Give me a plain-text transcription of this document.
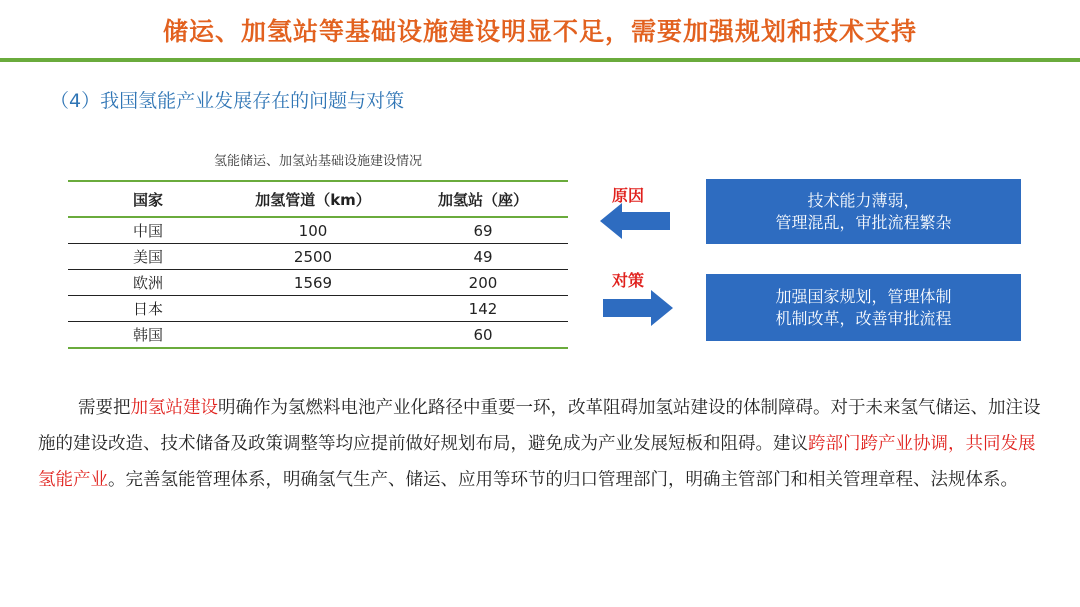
储运、加氢站等基础设施建设明显不足，需要加强规划和技术支持
（4）我国氢能产业发展存在的问题与对策
氢能储运、加氢站基础设施建设情况
国家	加氢管道（km）	加氢站（座）
中国	100	69
美国	2500	49
欧洲	1569	200
日本		142
韩国		60
原因
对策
技术能力薄弱，
管理混乱，审批流程繁杂
加强国家规划，管理体制
机制改革，改善审批流程
需要把加氢站建设明确作为氢燃料电池产业化路径中重要一环，改革阻碍加氢站建设的体制障碍。对于未来氢气储运、加注设施的建设改造、技术储备及政策调整等均应提前做好规划布局，避免成为产业发展短板和阻碍。建议跨部门跨产业协调，共同发展氢能产业。完善氢能管理体系，明确氢气生产、储运、应用等环节的归口管理部门，明确主管部门和相关管理章程、法规体系。
